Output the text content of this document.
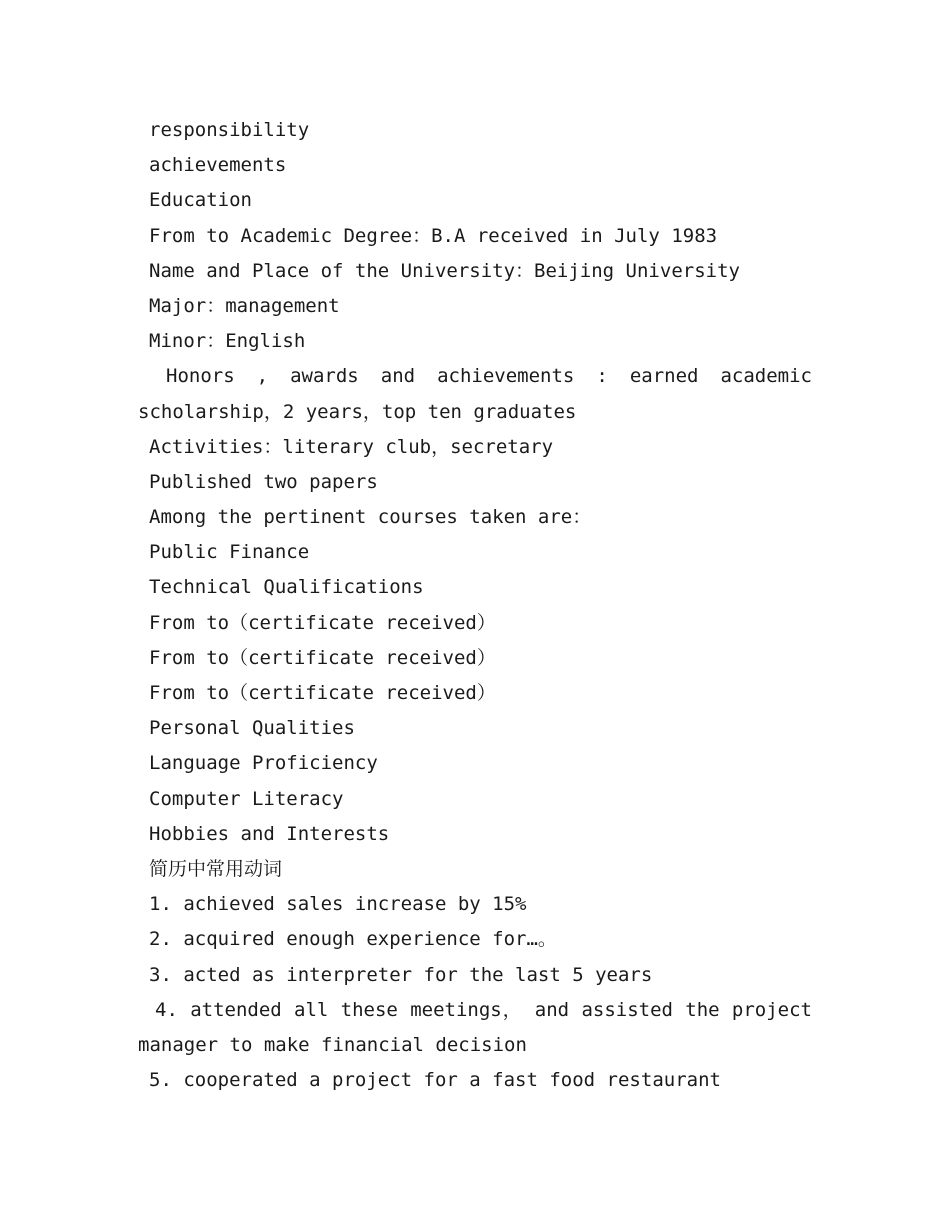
responsibility
achievements
Education
From to Academic Degree：B.A received in July 1983
Name and Place of the University：Beijing University
Major：management
Minor：English
Honors , awards and achievements : earned academic scholarship，2 years，top ten graduates
Activities：literary club，secretary
Published two papers
Among the pertinent courses taken are：
Public Finance
Technical Qualifications
From to（certificate received）
From to（certificate received）
From to（certificate received）
Personal Qualities
Language Proficiency
Computer Literacy
Hobbies and Interests
简历中常用动词
1. achieved sales increase by 15%
2. acquired enough experience for…。
3. acted as interpreter for the last 5 years
4. attended all these meetings， and assisted the project manager to make financial decision
5. cooperated a project for a fast food restaurant
